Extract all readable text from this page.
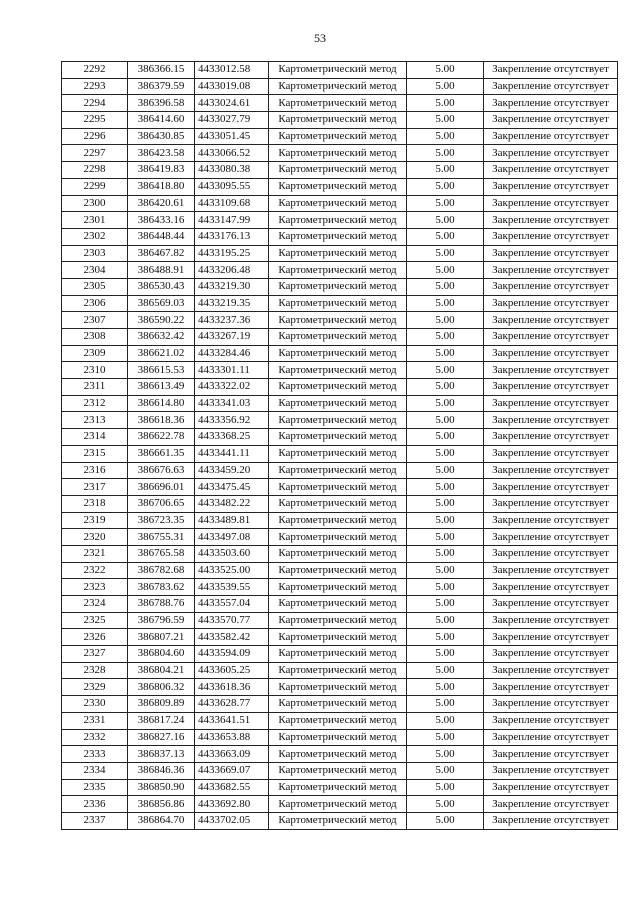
53
2292	386366.15	4433012.58	Картометрический метод	5.00	Закрепление отсутствует
2293	386379.59	4433019.08	Картометрический метод	5.00	Закрепление отсутствует
2294	386396.58	4433024.61	Картометрический метод	5.00	Закрепление отсутствует
2295	386414.60	4433027.79	Картометрический метод	5.00	Закрепление отсутствует
2296	386430.85	4433051.45	Картометрический метод	5.00	Закрепление отсутствует
2297	386423.58	4433066.52	Картометрический метод	5.00	Закрепление отсутствует
2298	386419.83	4433080.38	Картометрический метод	5.00	Закрепление отсутствует
2299	386418.80	4433095.55	Картометрический метод	5.00	Закрепление отсутствует
2300	386420.61	4433109.68	Картометрический метод	5.00	Закрепление отсутствует
2301	386433.16	4433147.99	Картометрический метод	5.00	Закрепление отсутствует
2302	386448.44	4433176.13	Картометрический метод	5.00	Закрепление отсутствует
2303	386467.82	4433195.25	Картометрический метод	5.00	Закрепление отсутствует
2304	386488.91	4433206.48	Картометрический метод	5.00	Закрепление отсутствует
2305	386530.43	4433219.30	Картометрический метод	5.00	Закрепление отсутствует
2306	386569.03	4433219.35	Картометрический метод	5.00	Закрепление отсутствует
2307	386590.22	4433237.36	Картометрический метод	5.00	Закрепление отсутствует
2308	386632.42	4433267.19	Картометрический метод	5.00	Закрепление отсутствует
2309	386621.02	4433284.46	Картометрический метод	5.00	Закрепление отсутствует
2310	386615.53	4433301.11	Картометрический метод	5.00	Закрепление отсутствует
2311	386613.49	4433322.02	Картометрический метод	5.00	Закрепление отсутствует
2312	386614.80	4433341.03	Картометрический метод	5.00	Закрепление отсутствует
2313	386618.36	4433356.92	Картометрический метод	5.00	Закрепление отсутствует
2314	386622.78	4433368.25	Картометрический метод	5.00	Закрепление отсутствует
2315	386661.35	4433441.11	Картометрический метод	5.00	Закрепление отсутствует
2316	386676.63	4433459.20	Картометрический метод	5.00	Закрепление отсутствует
2317	386696.01	4433475.45	Картометрический метод	5.00	Закрепление отсутствует
2318	386706.65	4433482.22	Картометрический метод	5.00	Закрепление отсутствует
2319	386723.35	4433489.81	Картометрический метод	5.00	Закрепление отсутствует
2320	386755.31	4433497.08	Картометрический метод	5.00	Закрепление отсутствует
2321	386765.58	4433503.60	Картометрический метод	5.00	Закрепление отсутствует
2322	386782.68	4433525.00	Картометрический метод	5.00	Закрепление отсутствует
2323	386783.62	4433539.55	Картометрический метод	5.00	Закрепление отсутствует
2324	386788.76	4433557.04	Картометрический метод	5.00	Закрепление отсутствует
2325	386796.59	4433570.77	Картометрический метод	5.00	Закрепление отсутствует
2326	386807.21	4433582.42	Картометрический метод	5.00	Закрепление отсутствует
2327	386804.60	4433594.09	Картометрический метод	5.00	Закрепление отсутствует
2328	386804.21	4433605.25	Картометрический метод	5.00	Закрепление отсутствует
2329	386806.32	4433618.36	Картометрический метод	5.00	Закрепление отсутствует
2330	386809.89	4433628.77	Картометрический метод	5.00	Закрепление отсутствует
2331	386817.24	4433641.51	Картометрический метод	5.00	Закрепление отсутствует
2332	386827.16	4433653.88	Картометрический метод	5.00	Закрепление отсутствует
2333	386837.13	4433663.09	Картометрический метод	5.00	Закрепление отсутствует
2334	386846.36	4433669.07	Картометрический метод	5.00	Закрепление отсутствует
2335	386850.90	4433682.55	Картометрический метод	5.00	Закрепление отсутствует
2336	386856.86	4433692.80	Картометрический метод	5.00	Закрепление отсутствует
2337	386864.70	4433702.05	Картометрический метод	5.00	Закрепление отсутствует
